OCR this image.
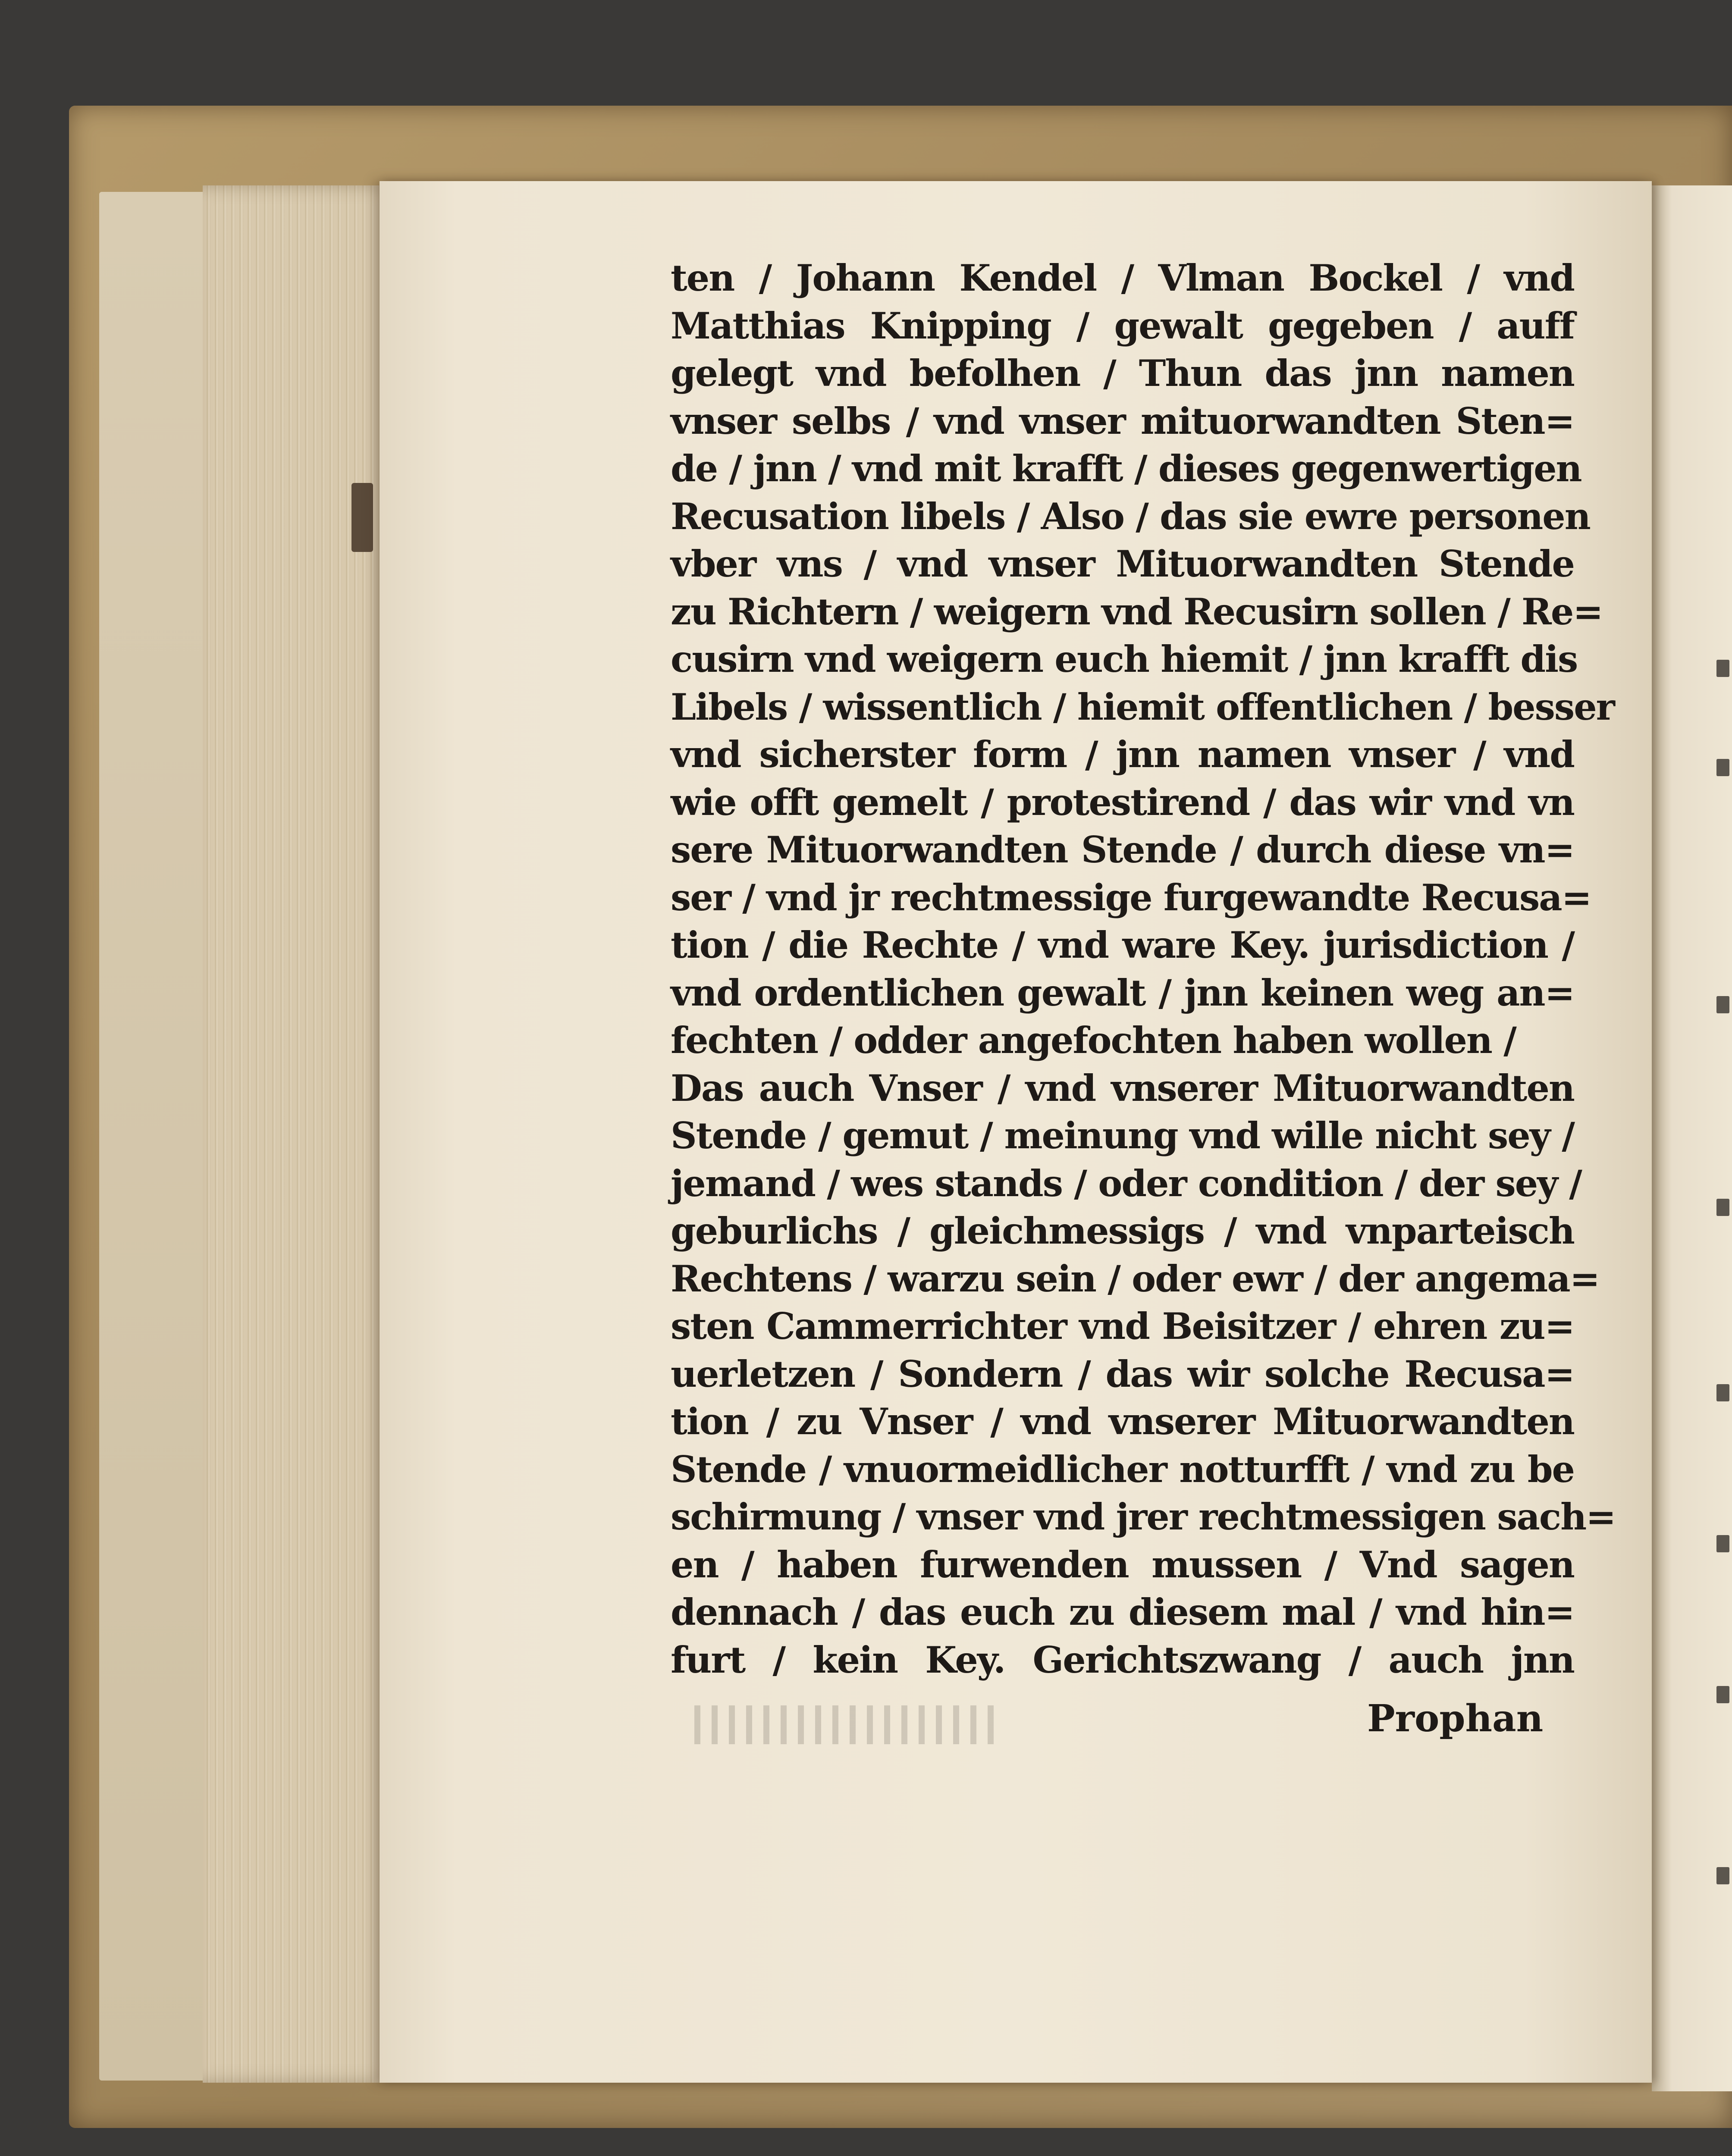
ten / Johann Kendel / Vlman Bockel / vnd
Matthias Knipping / gewalt gegeben / auff
gelegt vnd befolhen / Thun das jnn namen
vnser selbs / vnd vnser mituorwandten Sten=
de / jnn / vnd mit krafft / dieses gegenwertigen
Recusation libels / Also / das sie ewre personen
vber vns / vnd vnser Mituorwandten Stende
zu Richtern / weigern vnd Recusirn sollen / Re=
cusirn vnd weigern euch hiemit / jnn krafft dis
Libels / wissentlich / hiemit offentlichen / besser
vnd sicherster form / jnn namen vnser / vnd
wie offt gemelt / protestirend / das wir vnd vn
sere Mituorwandten Stende / durch diese vn=
ser / vnd jr rechtmessige furgewandte Recusa=
tion / die Rechte / vnd ware Key. jurisdiction /
vnd ordentlichen gewalt / jnn keinen weg an=
fechten / odder angefochten haben wollen /
Das auch Vnser / vnd vnserer Mituorwandten
Stende / gemut / meinung vnd wille nicht sey /
jemand / wes stands / oder condition / der sey /
geburlichs / gleichmessigs / vnd vnparteisch
Rechtens / warzu sein / oder ewr / der angema=
sten Cammerrichter vnd Beisitzer / ehren zu=
uerletzen / Sondern / das wir solche Recusa=
tion / zu Vnser / vnd vnserer Mituorwandten
Stende / vnuormeidlicher notturfft / vnd zu be
schirmung / vnser vnd jrer rechtmessigen sach=
en / haben furwenden mussen / Vnd sagen
dennach / das euch zu diesem mal / vnd hin=
furt / kein Key. Gerichtszwang / auch jnn
Prophan
